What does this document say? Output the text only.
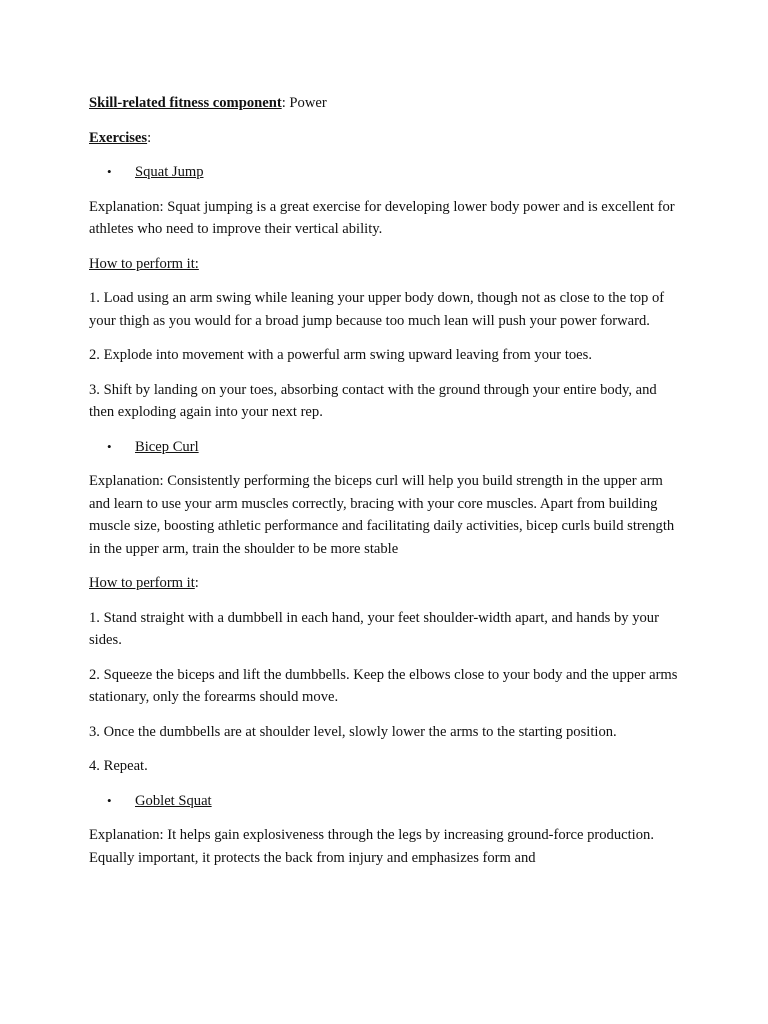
Skill-related fitness component: Power

Exercises:

•	Squat Jump

Explanation: Squat jumping is a great exercise for developing lower body power and is excellent for athletes who need to improve their vertical ability.

How to perform it:

1. Load using an arm swing while leaning your upper body down, though not as close to the top of your thigh as you would for a broad jump because too much lean will push your power forward.

2. Explode into movement with a powerful arm swing upward leaving from your toes.

3. Shift by landing on your toes, absorbing contact with the ground through your entire body, and then exploding again into your next rep.

•	Bicep Curl

Explanation: Consistently performing the biceps curl will help you build strength in the upper arm and learn to use your arm muscles correctly, bracing with your core muscles. Apart from building muscle size, boosting athletic performance and facilitating daily activities, bicep curls build strength in the upper arm, train the shoulder to be more stable

How to perform it:

1. Stand straight with a dumbbell in each hand, your feet shoulder-width apart, and hands by your sides.

2. Squeeze the biceps and lift the dumbbells. Keep the elbows close to your body and the upper arms stationary, only the forearms should move.

3. Once the dumbbells are at shoulder level, slowly lower the arms to the starting position.

4. Repeat.

•	Goblet Squat

Explanation: It helps gain explosiveness through the legs by increasing ground-force production. Equally important, it protects the back from injury and emphasizes form and
